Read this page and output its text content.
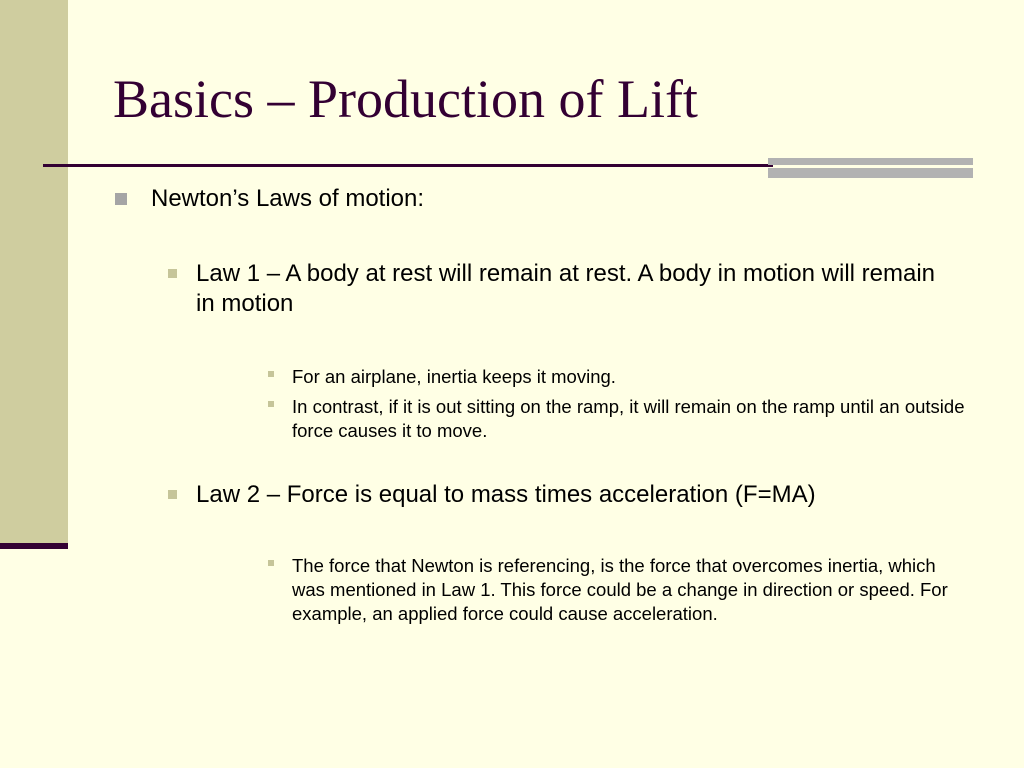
Basics – Production of Lift
Newton’s Laws of motion:
Law 1 – A body at rest will remain at rest. A body in motion will remain in motion
For an airplane, inertia keeps it moving.
In contrast, if it is out sitting on the ramp, it will remain on the ramp until an outside force causes it to move.
Law 2 – Force is equal to mass times acceleration (F=MA)
The force that Newton is referencing, is the force that overcomes inertia, which was mentioned in Law 1. This force could be a change in direction or speed. For example, an applied force could cause acceleration.
